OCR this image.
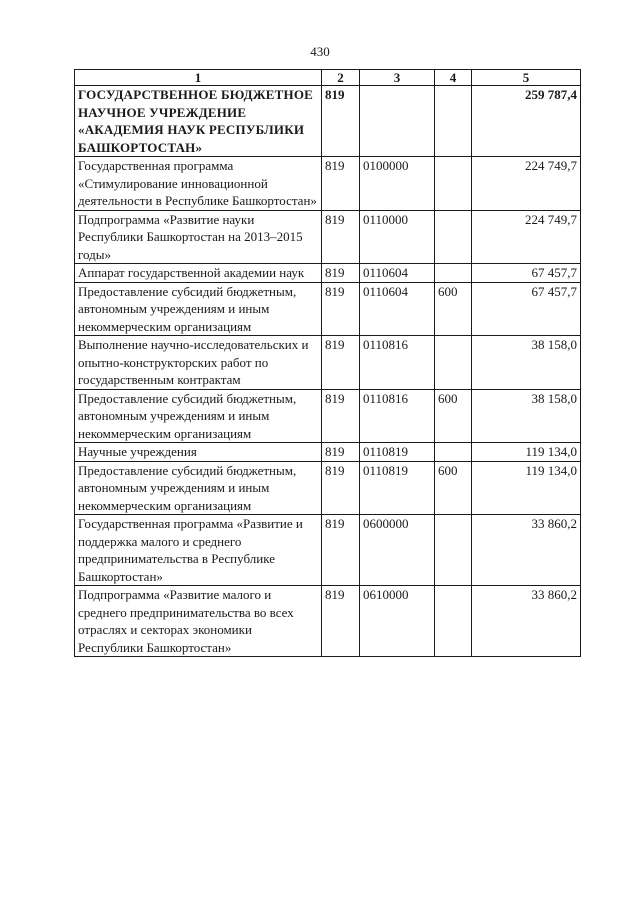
430
1	2	3	4	5
ГОСУДАРСТВЕННОЕ БЮДЖЕТНОЕ НАУЧНОЕ УЧРЕЖДЕНИЕ «АКАДЕМИЯ НАУК РЕСПУБЛИКИ БАШКОРТОСТАН»	819			259 787,4
Государственная программа «Стимулирование инновационной деятельности в Республике Башкортостан»	819	0100000		224 749,7
Подпрограмма «Развитие науки Республики Башкортостан на 2013–2015 годы»	819	0110000		224 749,7
Аппарат государственной академии наук	819	0110604		67 457,7
Предоставление субсидий бюджетным, автономным учреждениям и иным некоммерческим организациям	819	0110604	600	67 457,7
Выполнение научно-исследовательских и опытно-конструкторских работ по государственным контрактам	819	0110816		38 158,0
Предоставление субсидий бюджетным, автономным учреждениям и иным некоммерческим организациям	819	0110816	600	38 158,0
Научные учреждения	819	0110819		119 134,0
Предоставление субсидий бюджетным, автономным учреждениям и иным некоммерческим организациям	819	0110819	600	119 134,0
Государственная программа «Развитие и поддержка малого и среднего предпринимательства в Республике Башкортостан»	819	0600000		33 860,2
Подпрограмма «Развитие малого и среднего предпринимательства во всех отраслях и секторах экономики Республики Башкортостан»	819	0610000		33 860,2
